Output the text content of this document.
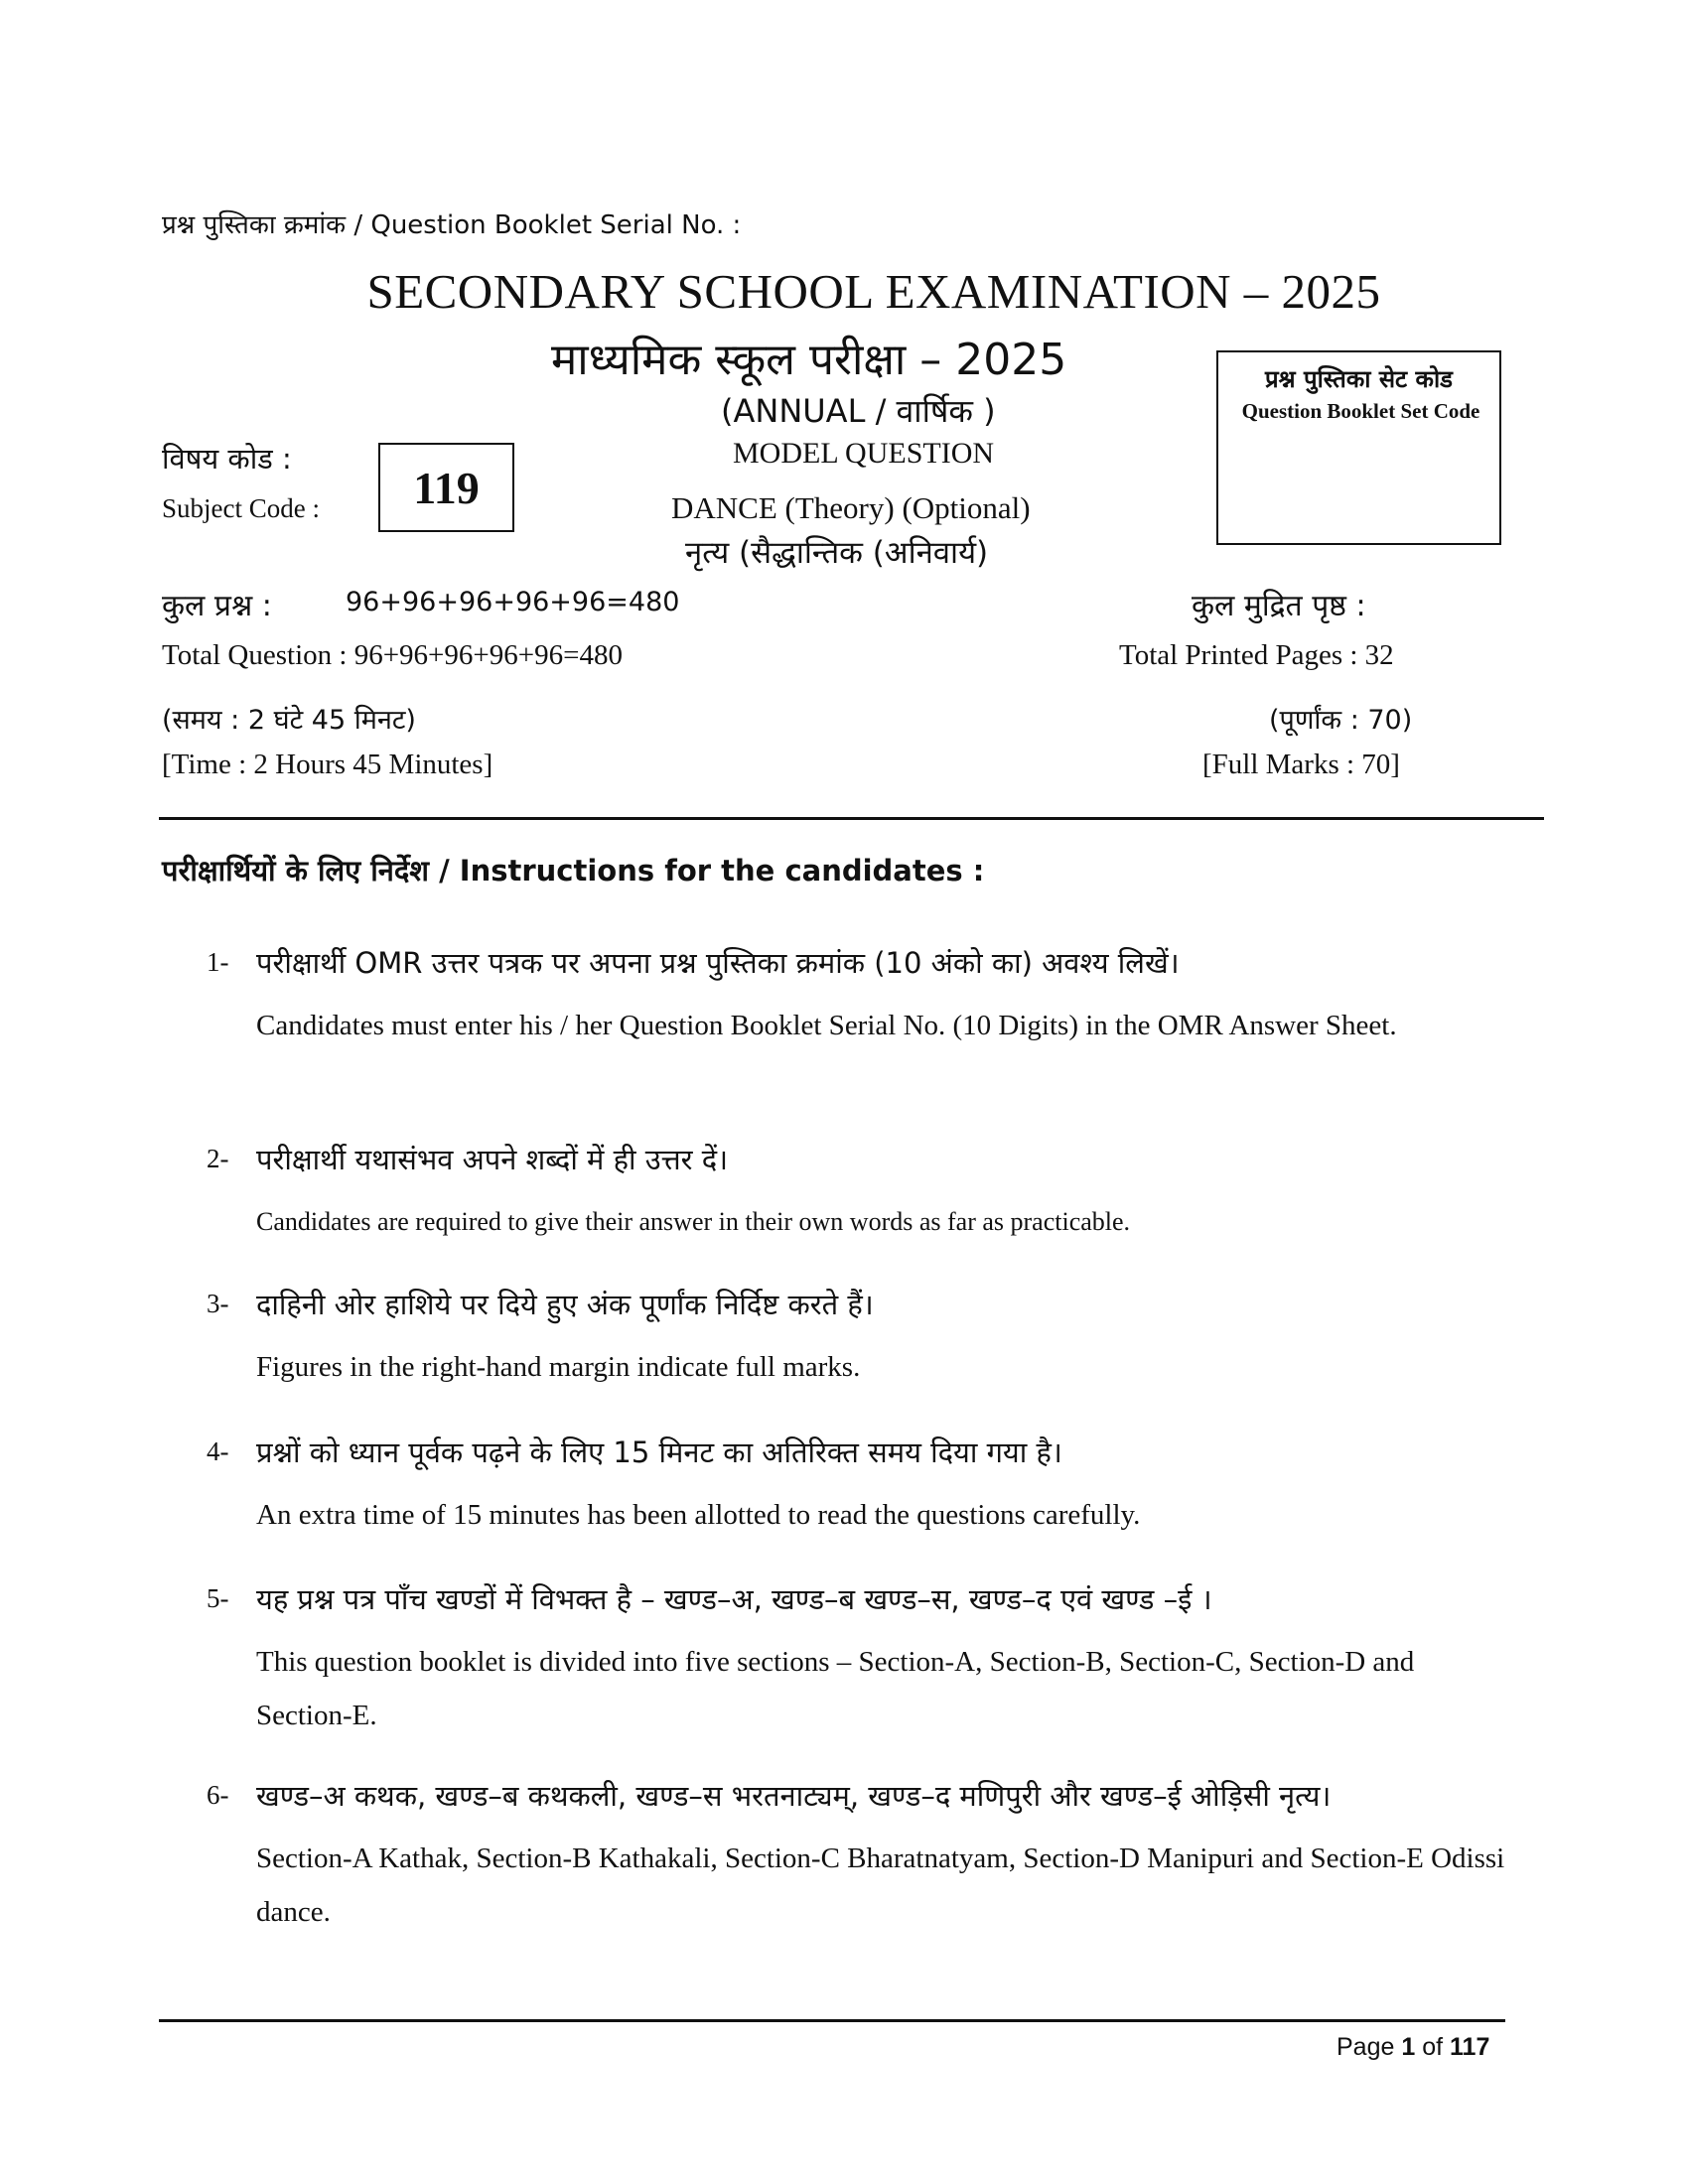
प्रश्न पुस्तिका क्रमांक / Question Booklet Serial No. :
SECONDARY SCHOOL EXAMINATION – 2025
माध्यमिक स्कूल परीक्षा – 2025
(ANNUAL / वार्षिक )
MODEL QUESTION
DANCE (Theory) (Optional)
नृत्य (सैद्धान्तिक (अनिवार्य)
विषय कोड :
Subject Code : 119
प्रश्न पुस्तिका सेट कोड
Question Booklet Set Code
कुल प्रश्न :	96+96+96+96+96=480
Total Question : 96+96+96+96+96=480
कुल मुद्रित पृष्ठ :
Total Printed Pages : 32
(समय : 2 घंटे 45 मिनट)
[Time : 2 Hours 45 Minutes]
(पूर्णांक : 70)
[Full Marks : 70]
परीक्षार्थियों के लिए निर्देश / Instructions for the candidates :
1- परीक्षार्थी OMR उत्तर पत्रक पर अपना प्रश्न पुस्तिका क्रमांक (10 अंको का) अवश्य लिखें।
Candidates must enter his / her Question Booklet Serial No. (10 Digits) in the OMR Answer Sheet.
2- परीक्षार्थी यथासंभव अपने शब्दों में ही उत्तर दें।
Candidates are required to give their answer in their own words as far as practicable.
3- दाहिनी ओर हाशिये पर दिये हुए अंक पूर्णांक निर्दिष्ट करते हैं।
Figures in the right-hand margin indicate full marks.
4- प्रश्नों को ध्यान पूर्वक पढ़ने के लिए 15 मिनट का अतिरिक्त समय दिया गया है।
An extra time of 15 minutes has been allotted to read the questions carefully.
5- यह प्रश्न पत्र पाँच खण्डों में विभक्त है – खण्ड–अ, खण्ड–ब खण्ड–स, खण्ड–द एवं खण्ड –ई ।
This question booklet is divided into five sections – Section-A, Section-B, Section-C, Section-D and Section-E.
6- खण्ड–अ कथक, खण्ड–ब कथकली, खण्ड–स भरतनाट्यम्, खण्ड–द मणिपुरी और खण्ड–ई ओड़िसी नृत्य।
Section-A Kathak, Section-B Kathakali, Section-C Bharatnatyam, Section-D Manipuri and Section-E Odissi dance.
Page 1 of 117
